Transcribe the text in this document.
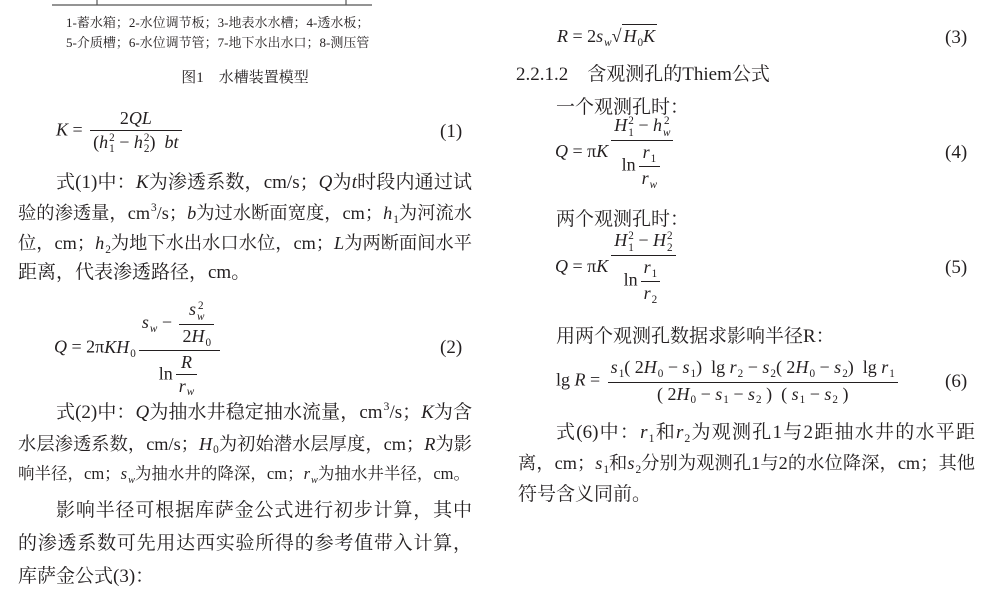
1-蓄水箱；2-水位调节板；3-地表水水槽；4-透水板；
5-介质槽；6-水位调节管；7-地下水出水口；8-测压管
图1　水槽装置模型
K = 2QL
(h 2
1 − h 2
2 )  bt	(1)
式(1)中：K为渗透系数，cm/s；Q为t时段内通过试
验的渗透量，cm3/s；b为过水断面宽度，cm；h1为河流水
位，cm；h2为地下水出水口水位，cm；L为两断面间水平
距离，代表渗透路径，cm。
Q = 2πKH0 sw − s 2
w
2H0
$\ln \frac{R}{rw}$	(2)
式(2)中：Q为抽水井稳定抽水流量，cm3/s；K为含
水层渗透系数，cm/s；H0为初始潜水层厚度，cm；R为影
响半径，cm；sw为抽水井的降深，cm；rw为抽水井半径，cm。
影响半径可根据库萨金公式进行初步计算，其中
的渗透系数可先用达西实验所得的参考值带入计算，
库萨金公式(3)：
R = 2sw√ H0K	(3)
2.2.1.2　含观测孔的Thiem公式
一个观测孔时：
Q = πK H 2
1 − h 2
w
$\ln \frac{r1}{rw}$	(4)
两个观测孔时：
Q = πK H 2
1 − H 2
2
$\ln \frac{r1}{r2}$	(5)
用两个观测孔数据求影响半径R：
$\lg R = \frac{\text{s1( 2H0 − s1)  lg r2 − s2( 2H0 − s2)  lg r1}}{( 2H0 - s1 - s2 ) ( s1 - s2 )} (6)$
式(6)中：r1和r2为观测孔1与2距抽水井的水平距
离，cm；s1和s2分别为观测孔1与2的水位降深，cm；其他
符号含义同前。
